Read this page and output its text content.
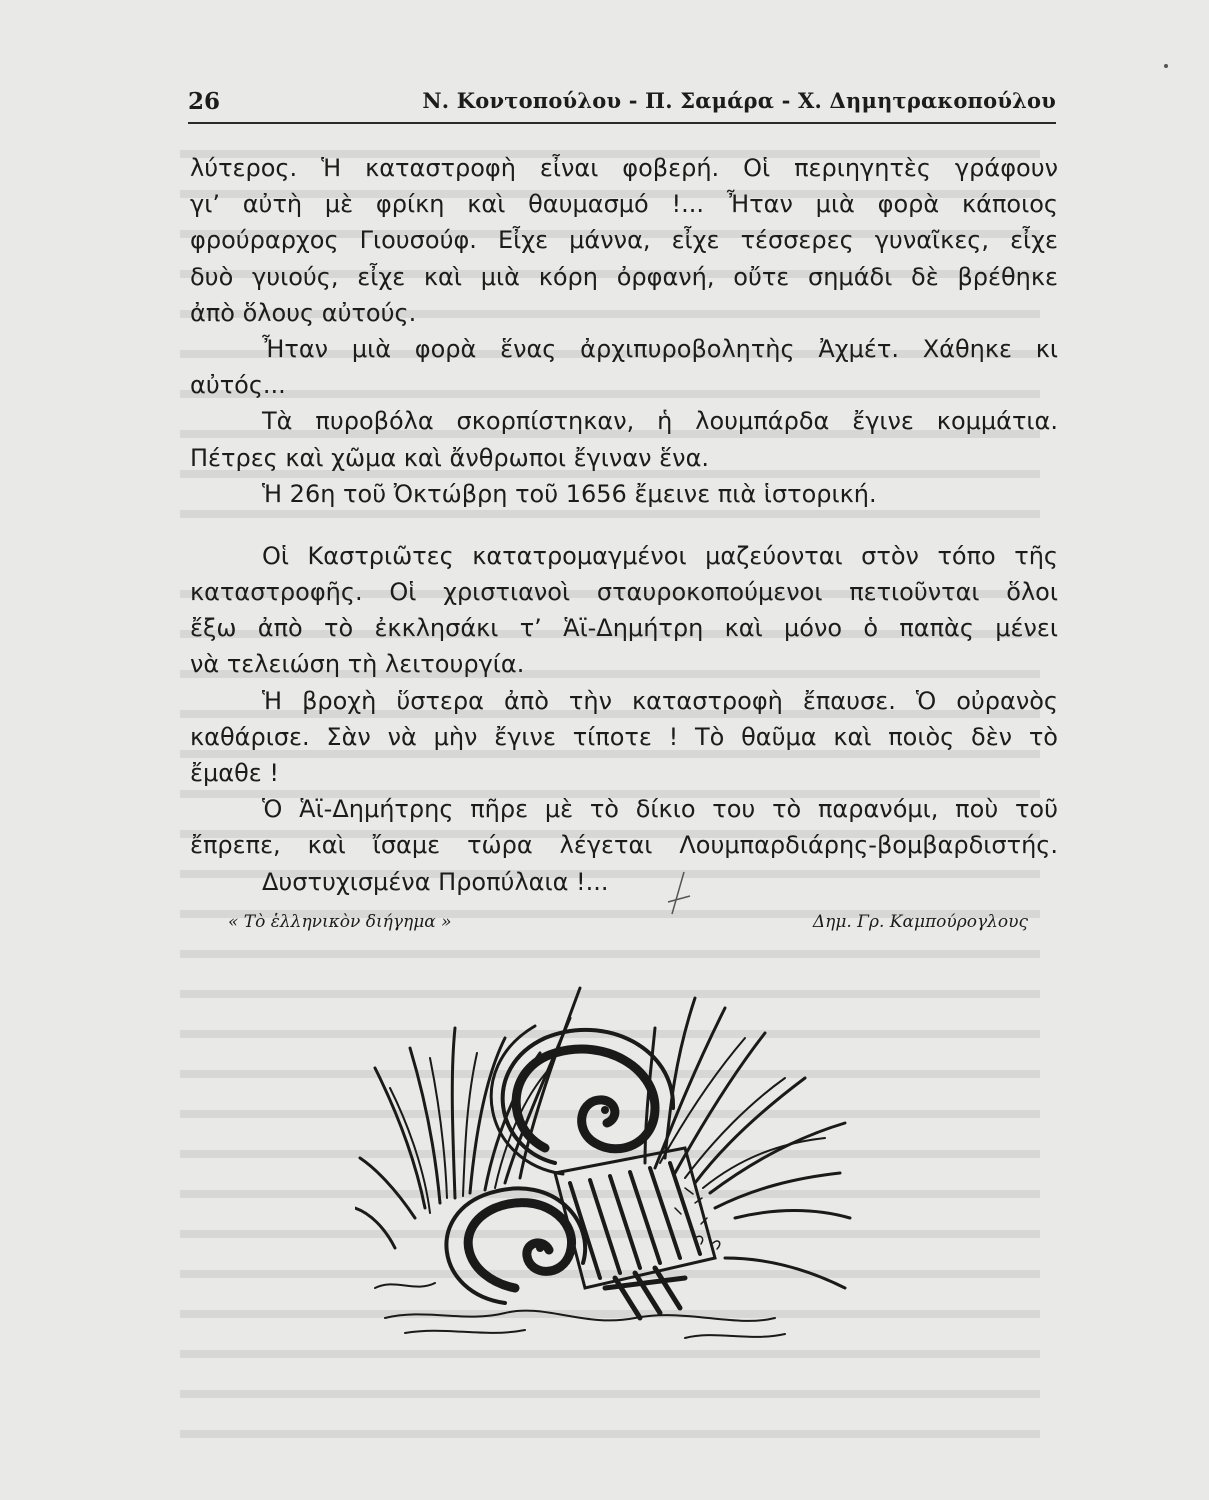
26	Ν. Κοντοπούλου - Π. Σαμάρα - Χ. Δημητρακοπούλου
λύτερος. Ἡ καταστροφὴ εἶναι φοβερή. Οἱ περιηγητὲς γράφουν
γι’ αὐτὴ μὲ φρίκη καὶ θαυμασμό !... Ἦταν μιὰ φορὰ κάποιος
φρούραρχος Γιουσούφ. Εἶχε μάννα, εἶχε τέσσερες γυναῖκες, εἶχε
δυὸ γυιούς, εἶχε καὶ μιὰ κόρη ὀρφανή, οὔτε σημάδι δὲ βρέθηκε
ἀπὸ ὅλους αὐτούς.
Ἦταν μιὰ φορὰ ἕνας ἀρχιπυροβολητὴς Ἀχμέτ. Χάθηκε κι
αὐτός...
Τὰ πυροβόλα σκορπίστηκαν, ἡ λουμπάρδα ἔγινε κομμάτια.
Πέτρες καὶ χῶμα καὶ ἄνθρωποι ἔγιναν ἕνα.
Ἡ 26η τοῦ Ὀκτώβρη τοῦ 1656 ἔμεινε πιὰ ἱστορική.
Οἱ Καστριῶτες κατατρομαγμένοι μαζεύονται στὸν τόπο τῆς
καταστροφῆς. Οἱ χριστιανοὶ σταυροκοπούμενοι πετιοῦνται ὅλοι
ἔξω ἀπὸ τὸ ἐκκλησάκι τ’ Ἁϊ-Δημήτρη καὶ μόνο ὁ παπὰς μένει
νὰ τελειώση τὴ λειτουργία.
Ἡ βροχὴ ὕστερα ἀπὸ τὴν καταστροφὴ ἔπαυσε. Ὁ οὐρανὸς
καθάρισε. Σὰν νὰ μὴν ἔγινε τίποτε ! Τὸ θαῦμα καὶ ποιὸς δὲν τὸ
ἔμαθε !
Ὁ Ἁϊ-Δημήτρης πῆρε μὲ τὸ δίκιο του τὸ παρανόμι, ποὺ τοῦ
ἔπρεπε, καὶ ἴσαμε τώρα λέγεται Λουμπαρδιάρης-βομβαρδιστής.
Δυστυχισμένα Προπύλαια !...
« Τὸ ἑλληνικὸν διήγημα »	Δημ. Γρ. Καμπούρογλους
